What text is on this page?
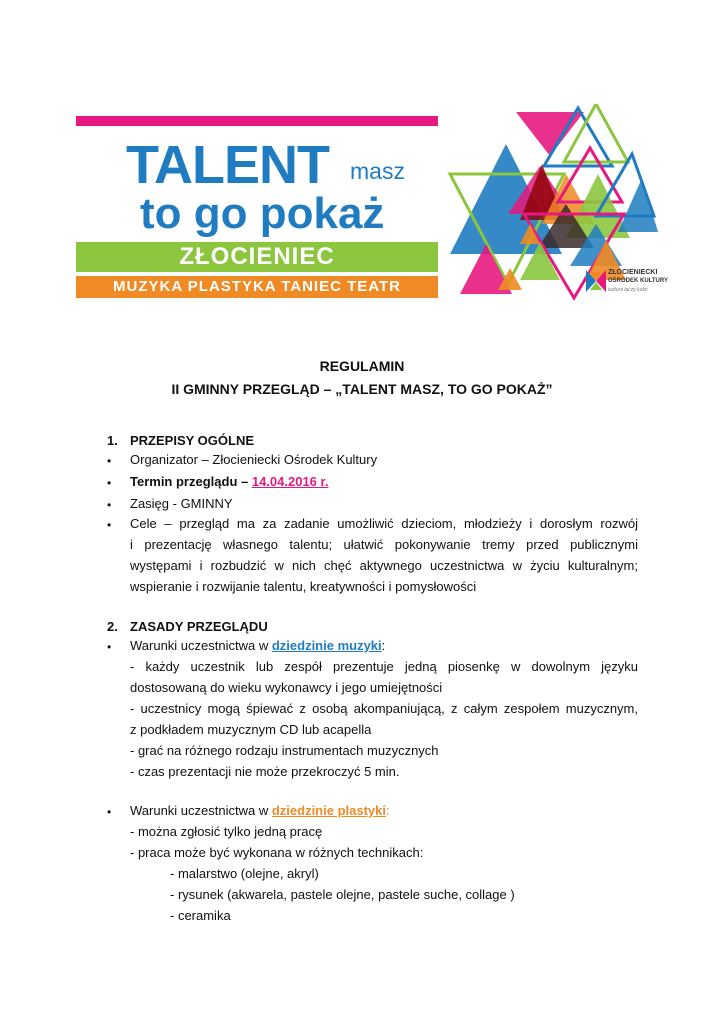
TALENT masz
to go pokaż
ZŁOCIENIEC
MUZYKA PLASTYKA TANIEC TEATR
ZŁOCIENIECKI
OŚRODEK KULTURY
kultura łączy ludzi
REGULAMIN
II GMINNY PRZEGLĄD – „TALENT MASZ, TO GO POKAŻ”
1. PRZEPISY OGÓLNE
• Organizator – Złocieniecki Ośrodek Kultury
• Termin przeglądu – 14.04.2016 r.
• Zasięg - GMINNY
• Cele – przegląd ma za zadanie umożliwić dzieciom, młodzieży i dorosłym rozwój
i prezentację własnego talentu; ułatwić pokonywanie tremy przed publicznymi
występami i rozbudzić w nich chęć aktywnego uczestnictwa w życiu kulturalnym;
wspieranie i rozwijanie talentu, kreatywności i pomysłowości
2. ZASADY PRZEGLĄDU
• Warunki uczestnictwa w dziedzinie muzyki:
- każdy uczestnik lub zespół prezentuje jedną piosenkę w dowolnym języku
dostosowaną do wieku wykonawcy i jego umiejętności
- uczestnicy mogą śpiewać z osobą akompaniującą, z całym zespołem muzycznym,
z podkładem muzycznym CD lub acapella
- grać na różnego rodzaju instrumentach muzycznych
- czas prezentacji nie może przekroczyć 5 min.
• Warunki uczestnictwa w dziedzinie plastyki:
- można zgłosić tylko jedną pracę
- praca może być wykonana w różnych technikach:
- malarstwo (olejne, akryl)
- rysunek (akwarela, pastele olejne, pastele suche, collage )
- ceramika
